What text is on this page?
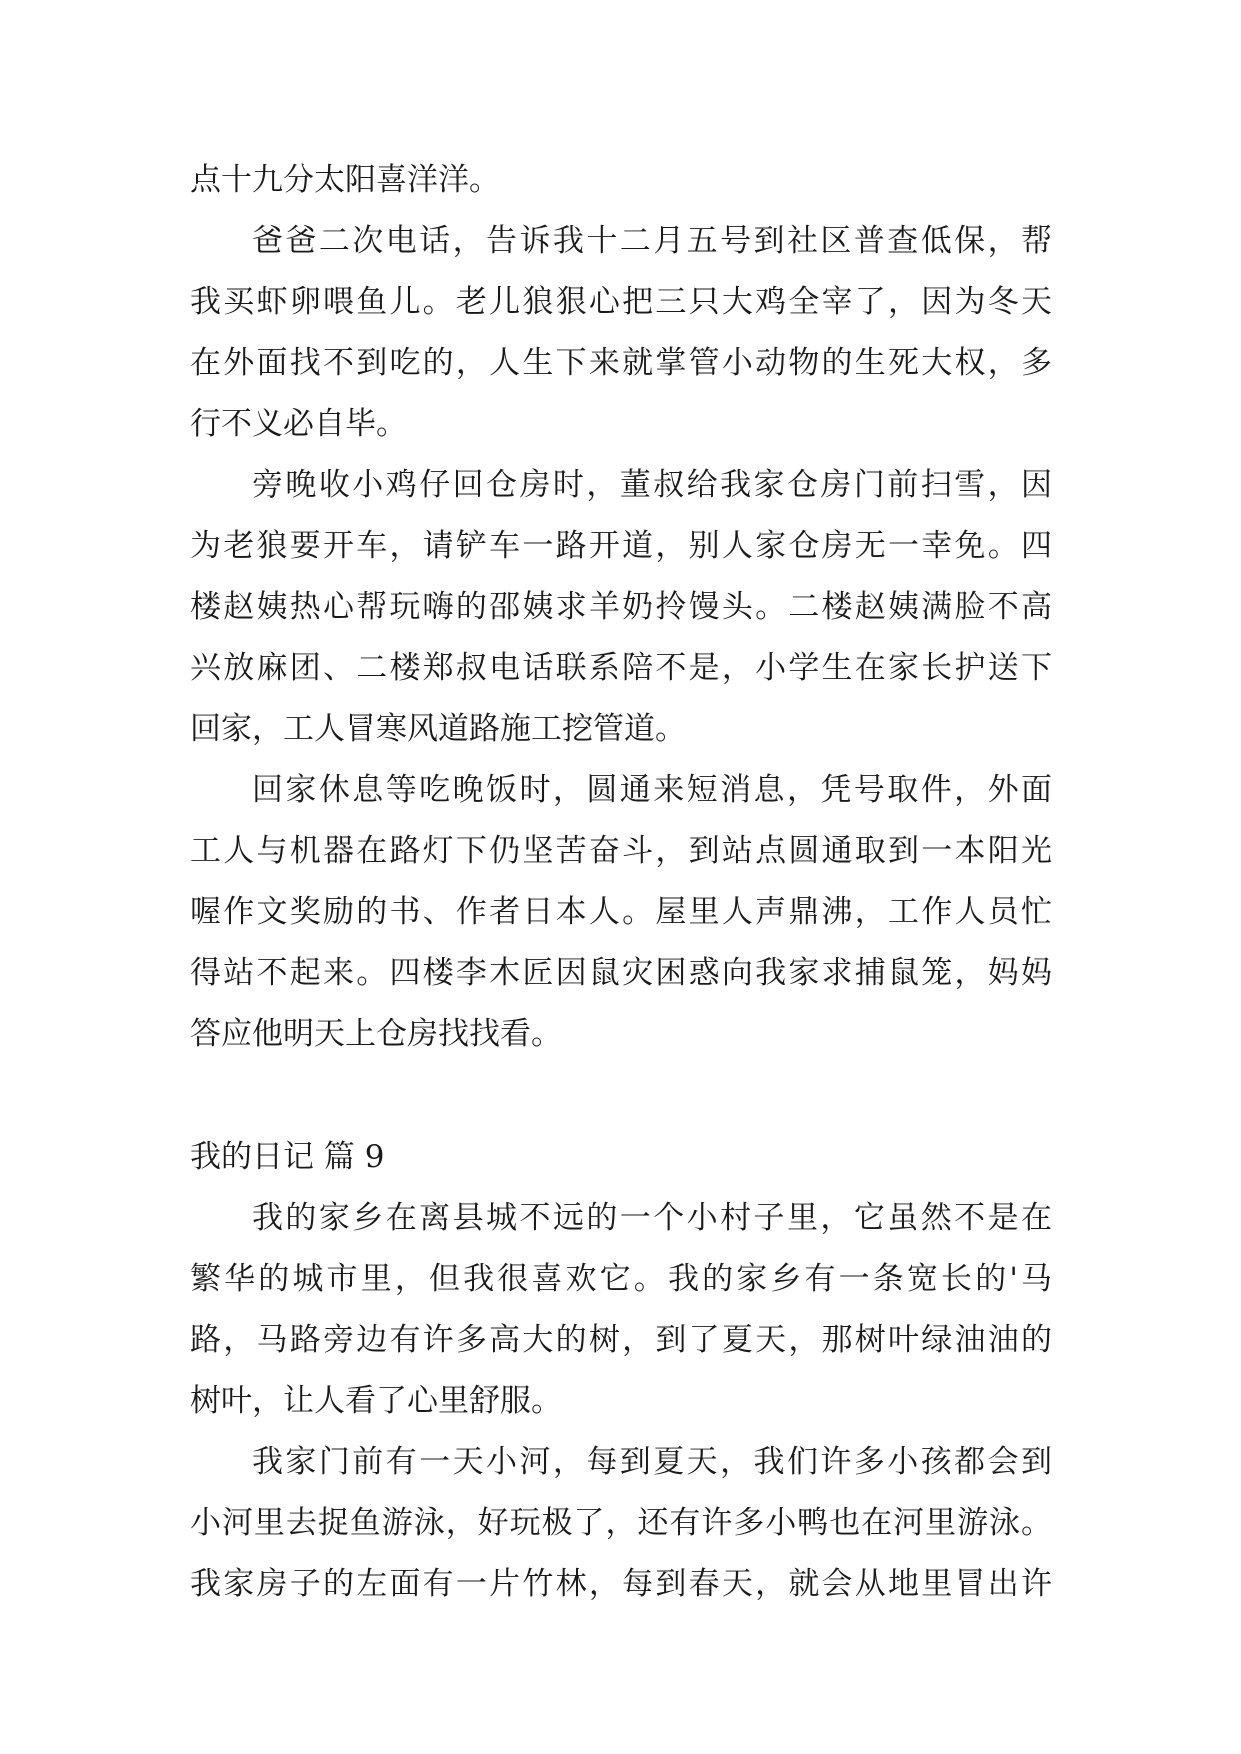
点十九分太阳喜洋洋。
爸爸二次电话，告诉我十二月五号到社区普查低保，帮
我买虾卵喂鱼儿。老儿狼狠心把三只大鸡全宰了，因为冬天
在外面找不到吃的，人生下来就掌管小动物的生死大权，多
行不义必自毕。
旁晚收小鸡仔回仓房时，董叔给我家仓房门前扫雪，因
为老狼要开车，请铲车一路开道，别人家仓房无一幸免。四
楼赵姨热心帮玩嗨的邵姨求羊奶拎馒头。二楼赵姨满脸不高
兴放麻团、二楼郑叔电话联系陪不是，小学生在家长护送下
回家，工人冒寒风道路施工挖管道。
回家休息等吃晚饭时，圆通来短消息，凭号取件，外面
工人与机器在路灯下仍坚苦奋斗，到站点圆通取到一本阳光
喔作文奖励的书、作者日本人。屋里人声鼎沸，工作人员忙
得站不起来。四楼李木匠因鼠灾困惑向我家求捕鼠笼，妈妈
答应他明天上仓房找找看。
我的日记 篇 9
我的家乡在离县城不远的一个小村子里，它虽然不是在
繁华的城市里，但我很喜欢它。我的家乡有一条宽长的'马
路，马路旁边有许多高大的树，到了夏天，那树叶绿油油的
树叶，让人看了心里舒服。
我家门前有一天小河，每到夏天，我们许多小孩都会到
小河里去捉鱼游泳，好玩极了，还有许多小鸭也在河里游泳。
我家房子的左面有一片竹林，每到春天，就会从地里冒出许
